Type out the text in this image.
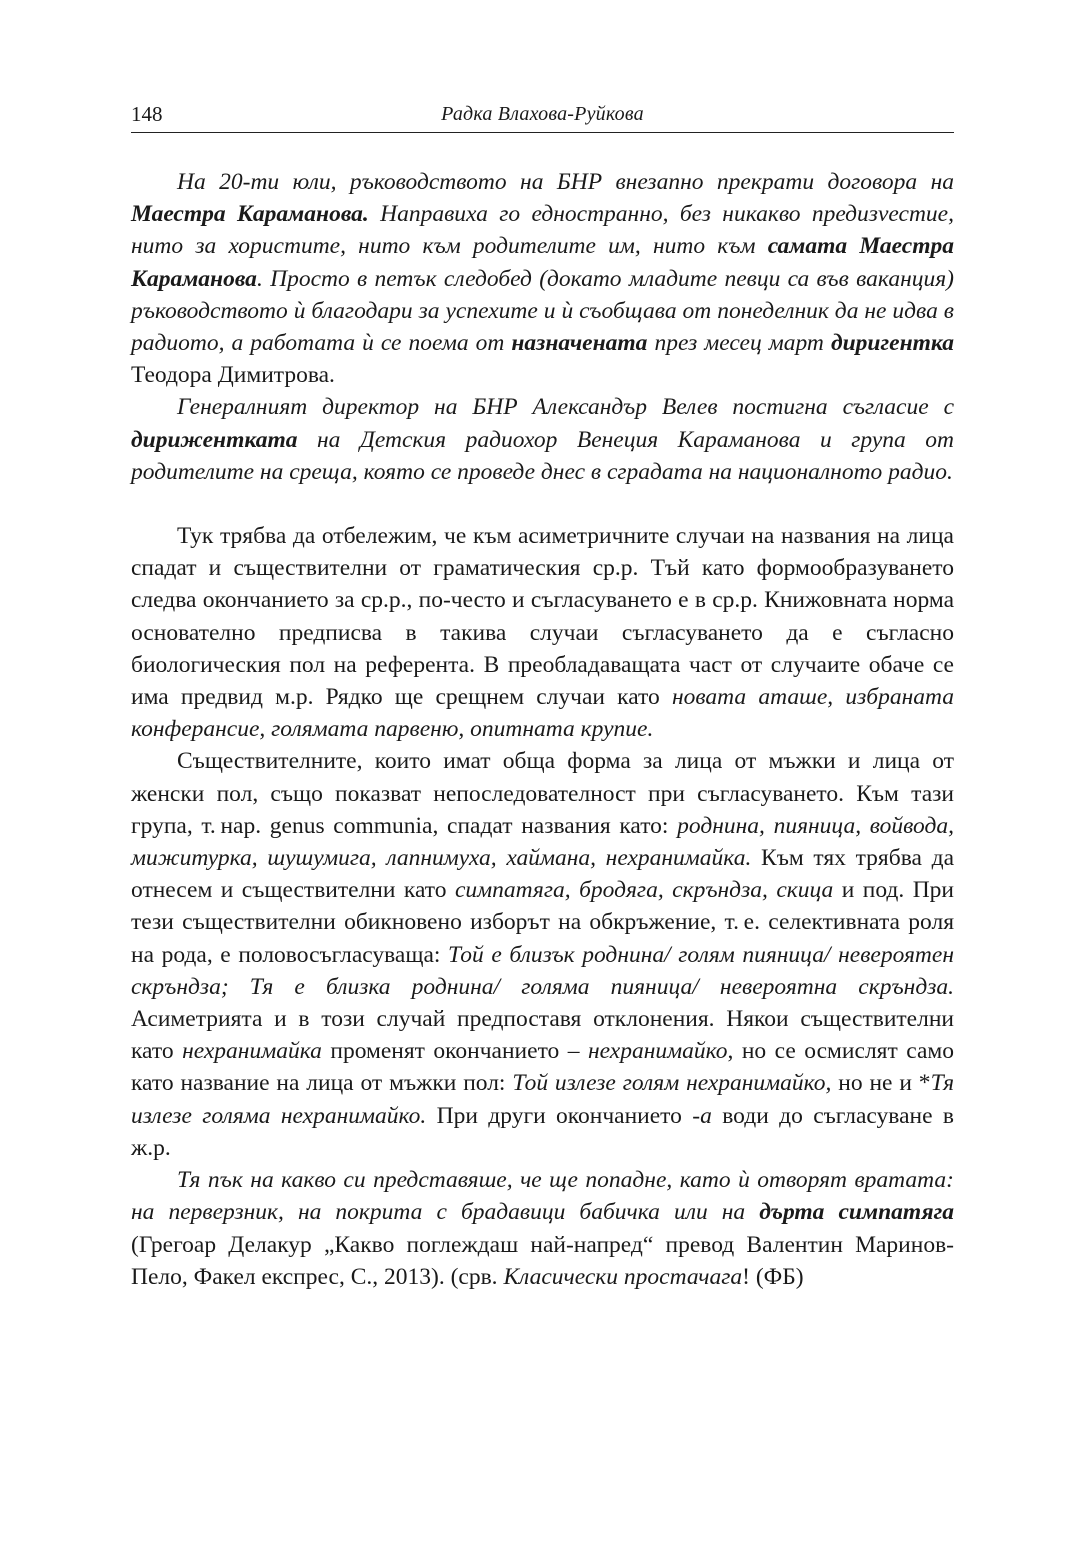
148	Радка Влахова-Руйкова

На 20-ти юли, ръководството на БНР внезапно прекрати договора на Маестра Караманова. Направиха го едностранно, без никакво предизvестие, нито за хористите, нито към родителите им, нито към самата Маестра Караманова. Просто в петък следобед (докато младите певци са във ваканция) ръководството ѝ благодари за успехите и ѝ съобщава от понеделник да не идва в радиото, а работата ѝ се поема от назначената през месец март диригентка Теодора Димитрова.

Генералният директор на БНР Александър Велев постигна съгласие с дирижентката на Детския радиохор Венеция Караманова и група от родителите на среща, която се проведе днес в сградата на националното радио.

Тук трябва да отбележим, че към асиметричните случаи на названия на лица спадат и съществителни от граматическия ср.р. Тъй като формообразуването следва окончанието за ср.р., по-често и съгласуването е в ср.р. Книжовната норма основателно предписва в такива случаи съгласуването да е съгласно биологическия пол на референта. В преобладаващата част от случаите обаче се има предвид м.р. Рядко ще срещнем случаи като новата аташе, избраната конферансие, голямата парвеню, опитната крупие.

Съществителните, които имат обща форма за лица от мъжки и лица от женски пол, също показват непоследователност при съгласуването. Към тази група, т. нар. genus communia, спадат названия като: роднина, пияница, войвода, мижитурка, шушумига, лапнимуха, хаймана, нехранимайка. Към тях трябва да отнесем и съществителни като симпатяга, бродяга, скръндза, скица и под. При тези съществителни обикновено изборът на обкръжение, т. е. селективната роля на рода, е половосъгласуваща: Той е близък роднина/ голям пияница/ невероятен скръндза; Тя е близка роднина/ голяма пияница/ невероятна скръндза. Асиметрията и в този случай предпоставя отклонения. Някои съществителни като нехранимайка променят окончанието – нехранимайко, но се осмислят само като название на лица от мъжки пол: Той излезе голям нехранимайко, но не и *Тя излезе голяма нехранимайко. При други окончанието -а води до съгласуване в ж.р.

Тя пък на какво си представяше, че ще попадне, като ѝ отворят вратата: на перверзник, на покрита с брадавици бабичка или на дърта симпатяга (Грегоар Делакур „Какво поглеждаш най-напред“ превод Валентин Маринов-Пело, Факел експрес, С., 2013). (срв. Класически простачагa! (ФБ)
